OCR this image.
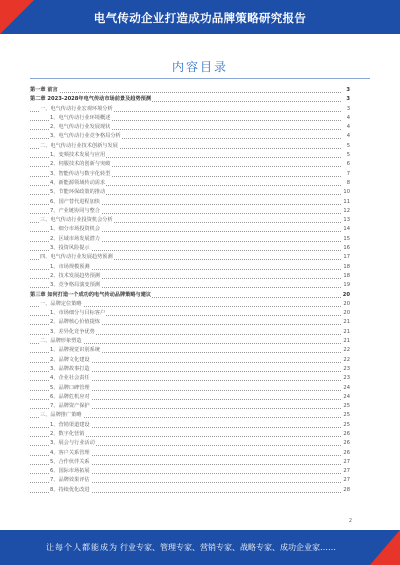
电气传动企业打造成功品牌策略研究报告
内容目录
第一章 前言	3
第二章 2023-2028年电气传动市场前景及趋势预测	3
一、电气传动行业宏观环境分析	3
1、电气传动行业环境概述	4
2、电气传动行业发展现状	4
3、电气传动行业竞争格局分析	4
二、电气传动行业技术创新与发展	5
1、变频技术发展与应用	5
2、伺服技术的创新与突破	6
3、智能传动与数字化转型	7
4、新能源领域传动需求	8
5、节能环保政策的推动	10
6、国产替代进程加快	11
7、产业链协同与整合	12
三、电气传动行业投资机会分析	13
1、细分市场投资机会	14
2、区域市场发展潜力	15
3、投资风险提示	16
四、电气传动行业发展趋势预测	17
1、市场规模预测	18
2、技术发展趋势预测	18
3、竞争格局演变预测	19
第三章 如何打造一个成功的电气传动品牌策略与建议	20
一、品牌定位策略	20
1、市场细分与目标客户	20
2、品牌核心价值提炼	21
3、差异化竞争优势	21
二、品牌形象塑造	21
1、品牌视觉识别系统	22
2、品牌文化建设	22
3、品牌故事打造	23
4、企业社会责任	23
5、品牌口碑管理	24
6、品牌危机应对	24
7、品牌资产保护	25
三、品牌推广策略	25
1、营销渠道建设	25
2、数字化营销	26
3、展会与行业活动	26
4、客户关系管理	26
5、合作伙伴关系	27
6、国际市场拓展	27
7、品牌效果评估	27
8、持续优化改进	28
2
让每个人都能成为 行业专家、管理专家、营销专家、战略专家、成功企业家……
